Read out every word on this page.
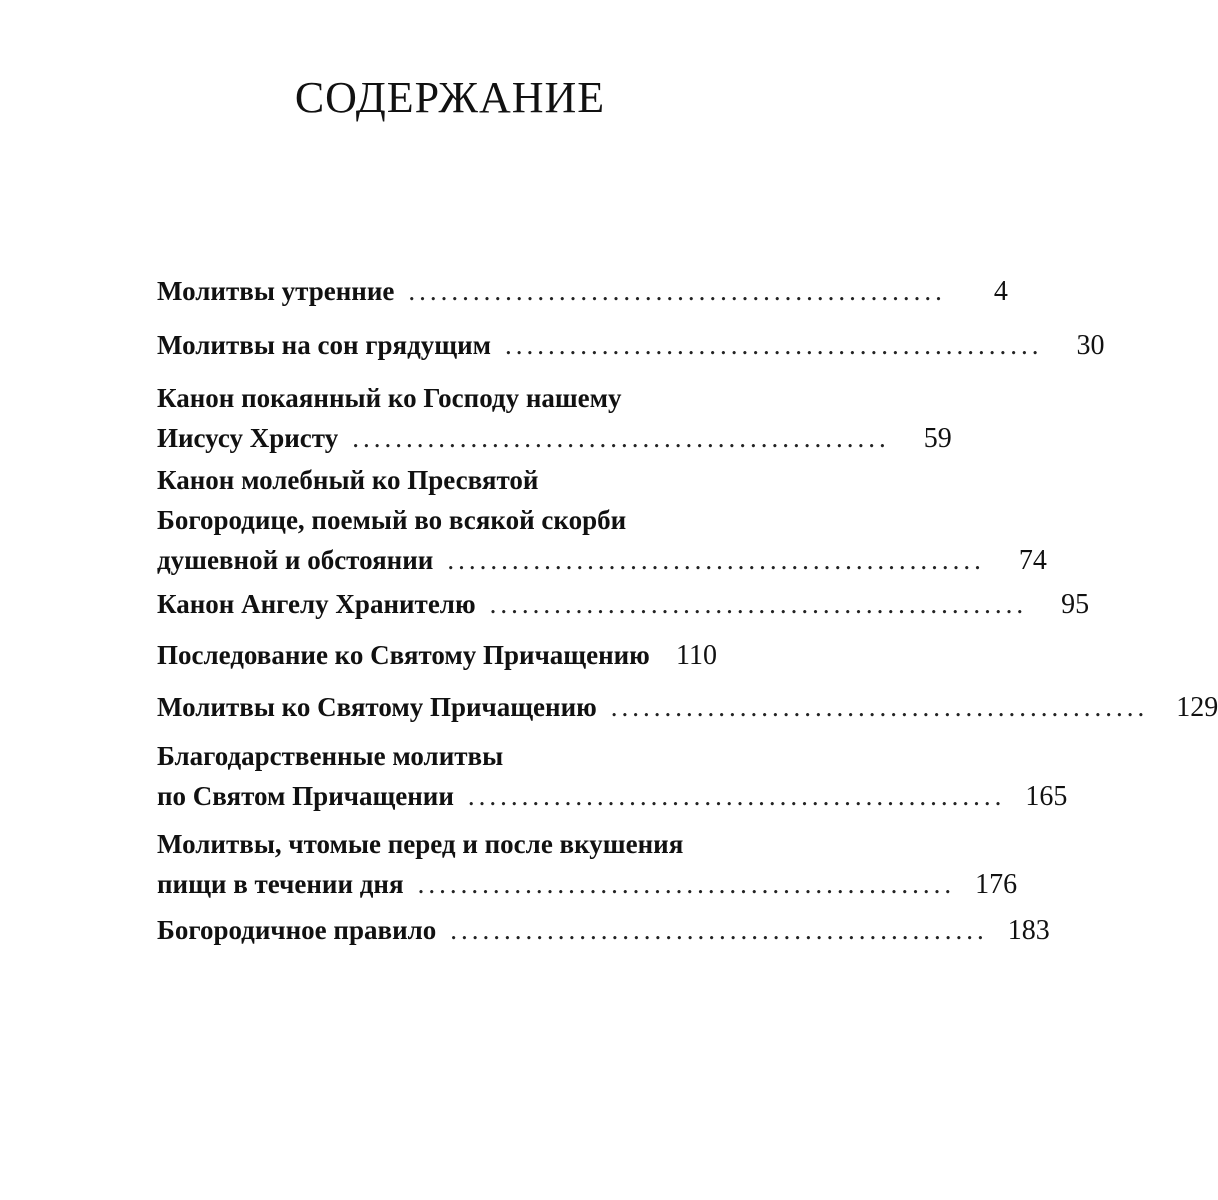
СОДЕРЖАНИЕ
Молитвы утренние ..................................................	4
Молитвы на сон грядущим ..................................................	30
Канон покаянный ко Господу нашему
Иисусу Христу ..................................................	59
Канон молебный ко Пресвятой
Богородице, поемый во всякой скорби
душевной и обстоянии ..................................................	74
Канон Ангелу Хранителю ..................................................	95
Последование ко Святому Причащению 110
Молитвы ко Святому Причащению .................................................. 129
Благодарственные молитвы
по Святом Причащении .................................................. 165
Молитвы, чтомые перед и после вкушения
пищи в течении дня .................................................. 176
Богородичное правило .................................................. 183
